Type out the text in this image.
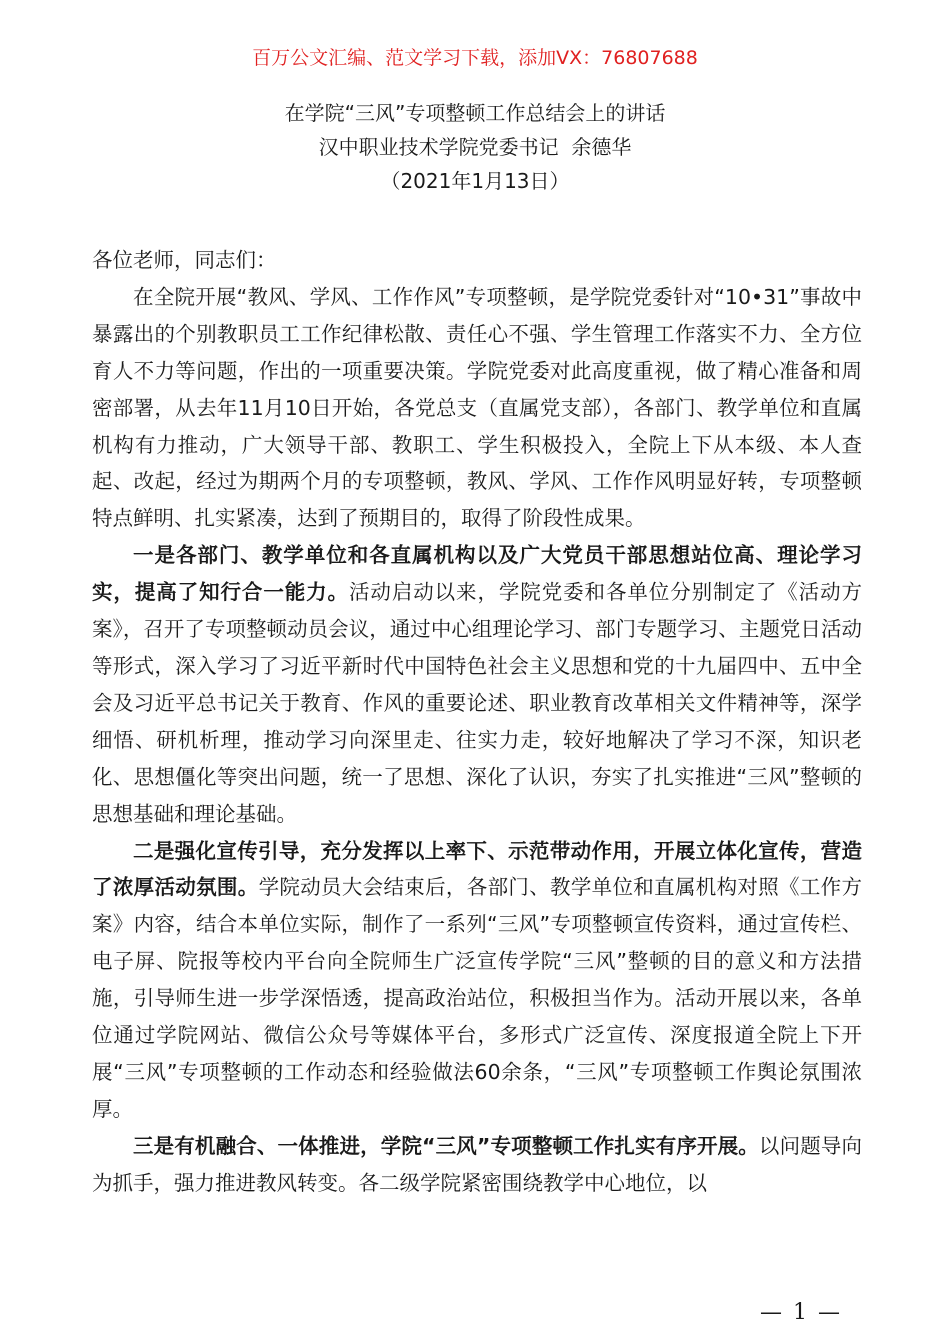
百万公文汇编、范文学习下载，添加VX：76807688
在学院“三风”专项整顿工作总结会上的讲话
汉中职业技术学院党委书记  余德华
（2021年1月13日）

各位老师，同志们：

在全院开展“教风、学风、工作作风”专项整顿，是学院党委针对“10•31”事故中暴露出的个别教职员工工作纪律松散、责任心不强、学生管理工作落实不力、全方位育人不力等问题，作出的一项重要决策。学院党委对此高度重视，做了精心准备和周密部署，从去年11月10日开始，各党总支（直属党支部），各部门、教学单位和直属机构有力推动，广大领导干部、教职工、学生积极投入，全院上下从本级、本人查起、改起，经过为期两个月的专项整顿，教风、学风、工作作风明显好转，专项整顿特点鲜明、扎实紧凑，达到了预期目的，取得了阶段性成果。

一是各部门、教学单位和各直属机构以及广大党员干部思想站位高、理论学习实，提高了知行合一能力。活动启动以来，学院党委和各单位分别制定了《活动方案》，召开了专项整顿动员会议，通过中心组理论学习、部门专题学习、主题党日活动等形式，深入学习了习近平新时代中国特色社会主义思想和党的十九届四中、五中全会及习近平总书记关于教育、作风的重要论述、职业教育改革相关文件精神等，深学细悟、研机析理，推动学习向深里走、往实力走，较好地解决了学习不深，知识老化、思想僵化等突出问题，统一了思想、深化了认识，夯实了扎实推进“三风”整顿的思想基础和理论基础。

二是强化宣传引导，充分发挥以上率下、示范带动作用，开展立体化宣传，营造了浓厚活动氛围。学院动员大会结束后，各部门、教学单位和直属机构对照《工作方案》内容，结合本单位实际，制作了一系列“三风”专项整顿宣传资料，通过宣传栏、电子屏、院报等校内平台向全院师生广泛宣传学院“三风”整顿的目的意义和方法措施，引导师生进一步学深悟透，提高政治站位，积极担当作为。活动开展以来，各单位通过学院网站、微信公众号等媒体平台，多形式广泛宣传、深度报道全院上下开展“三风”专项整顿的工作动态和经验做法60余条，“三风”专项整顿工作舆论氛围浓厚。

三是有机融合、一体推进，学院“三风”专项整顿工作扎实有序开展。以问题导向为抓手，强力推进教风转变。各二级学院紧密围绕教学中心地位，以

— 1 —
